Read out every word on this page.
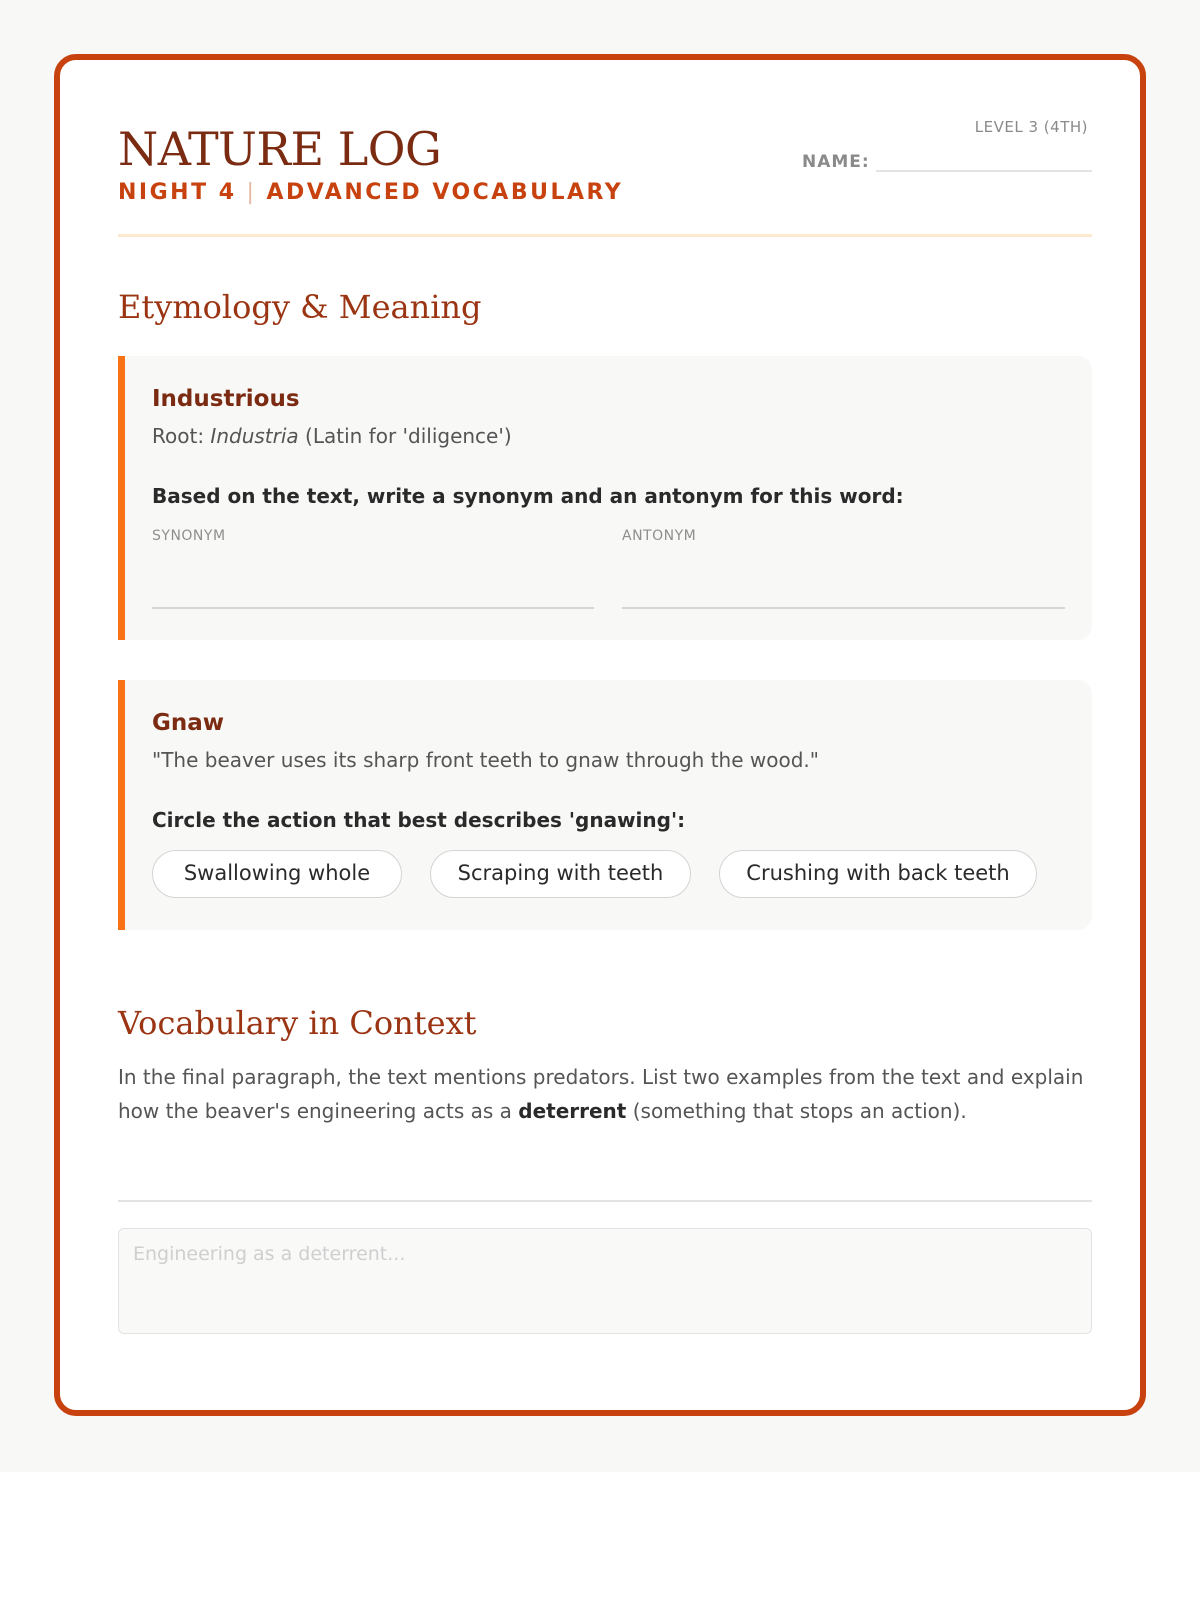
NATURE LOG
NIGHT 4 | ADVANCED VOCABULARY
LEVEL 3 (4TH)
NAME:
Etymology & Meaning
Industrious
Root: Industria (Latin for 'diligence')
Based on the text, write a synonym and an antonym for this word:
SYNONYM	ANTONYM
Gnaw
"The beaver uses its sharp front teeth to gnaw through the wood."
Circle the action that best describes 'gnawing':
Swallowing whole	Scraping with teeth	Crushing with back teeth
Vocabulary in Context
In the final paragraph, the text mentions predators. List two examples from the text and explain how the beaver's engineering acts as a deterrent (something that stops an action).
Engineering as a deterrent...
